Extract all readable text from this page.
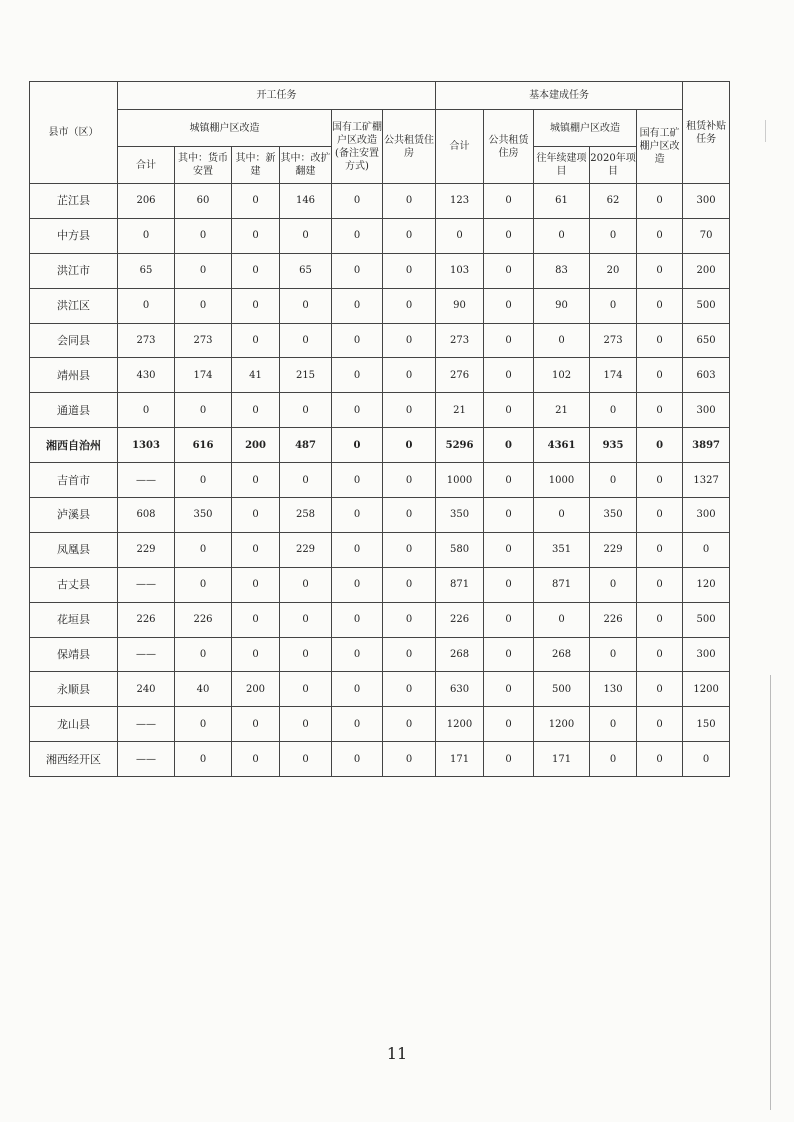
县市（区）	开工任务						基本建成任务					租赁补贴任务
	城镇棚户区改造				国有工矿棚户区改造(备注安置方式)	公共租赁住房	合计	公共租赁住房	城镇棚户区改造		国有工矿棚户区改造	
	合计	其中：货币安置	其中：新建	其中：改扩翻建					往年续建项目	2020年项目		
芷江县	206	60	0	146	0	0	123	0	61	62	0	300
中方县	0	0	0	0	0	0	0	0	0	0	0	70
洪江市	65	0	0	65	0	0	103	0	83	20	0	200
洪江区	0	0	0	0	0	0	90	0	90	0	0	500
会同县	273	273	0	0	0	0	273	0	0	273	0	650
靖州县	430	174	41	215	0	0	276	0	102	174	0	603
通道县	0	0	0	0	0	0	21	0	21	0	0	300
湘西自治州	1303	616	200	487	0	0	5296	0	4361	935	0	3897
吉首市	——	0	0	0	0	0	1000	0	1000	0	0	1327
泸溪县	608	350	0	258	0	0	350	0	0	350	0	300
凤凰县	229	0	0	229	0	0	580	0	351	229	0	0
古丈县	——	0	0	0	0	0	871	0	871	0	0	120
花垣县	226	226	0	0	0	0	226	0	0	226	0	500
保靖县	——	0	0	0	0	0	268	0	268	0	0	300
永顺县	240	40	200	0	0	0	630	0	500	130	0	1200
龙山县	——	0	0	0	0	0	1200	0	1200	0	0	150
湘西经开区	——	0	0	0	0	0	171	0	171	0	0	0
11
